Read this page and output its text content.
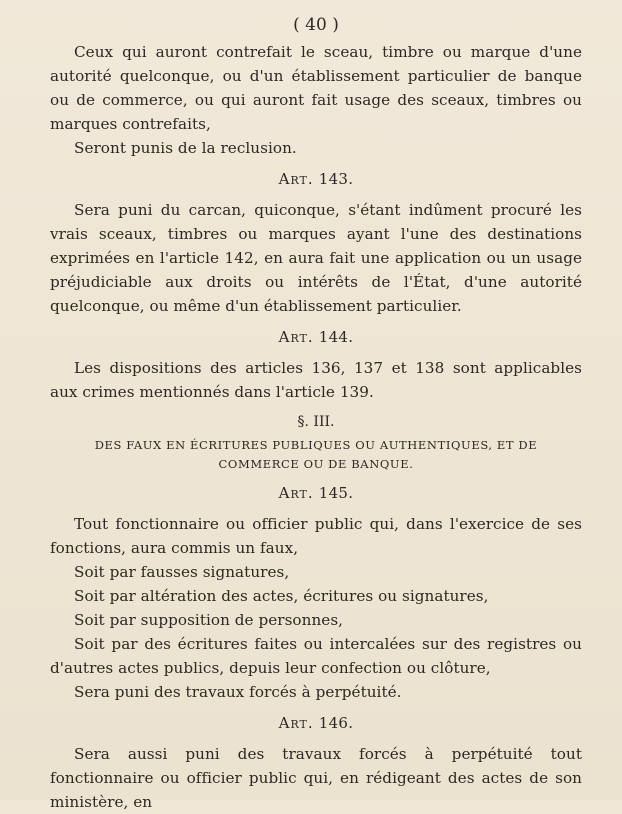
( 40 )

Ceux qui auront contrefait le sceau, timbre ou marque d'une autorité quelconque, ou d'un établissement particulier de banque ou de commerce, ou qui auront fait usage des sceaux, timbres ou marques contrefaits,

Seront punis de la reclusion.

Art. 143.

Sera puni du carcan, quiconque, s'étant indûment procuré les vrais sceaux, timbres ou marques ayant l'une des destinations exprimées en l'article 142, en aura fait une application ou un usage préjudiciable aux droits ou intérêts de l'État, d'une autorité quelconque, ou même d'un établissement particulier.

Art. 144.

Les dispositions des articles 136, 137 et 138 sont applicables aux crimes mentionnés dans l'article 139.

§. III.
DES FAUX EN ÉCRITURES PUBLIQUES OU AUTHENTIQUES, ET DE COMMERCE OU DE BANQUE.
Art. 145.

Tout fonctionnaire ou officier public qui, dans l'exercice de ses fonctions, aura commis un faux,

Soit par fausses signatures,

Soit par altération des actes, écritures ou signatures,

Soit par supposition de personnes,

Soit par des écritures faites ou intercalées sur des registres ou d'autres actes publics, depuis leur confection ou clôture,

Sera puni des travaux forcés à perpétuité.

Art. 146.

Sera aussi puni des travaux forcés à perpétuité tout fonctionnaire ou officier public qui, en rédigeant des actes de son ministère, en
